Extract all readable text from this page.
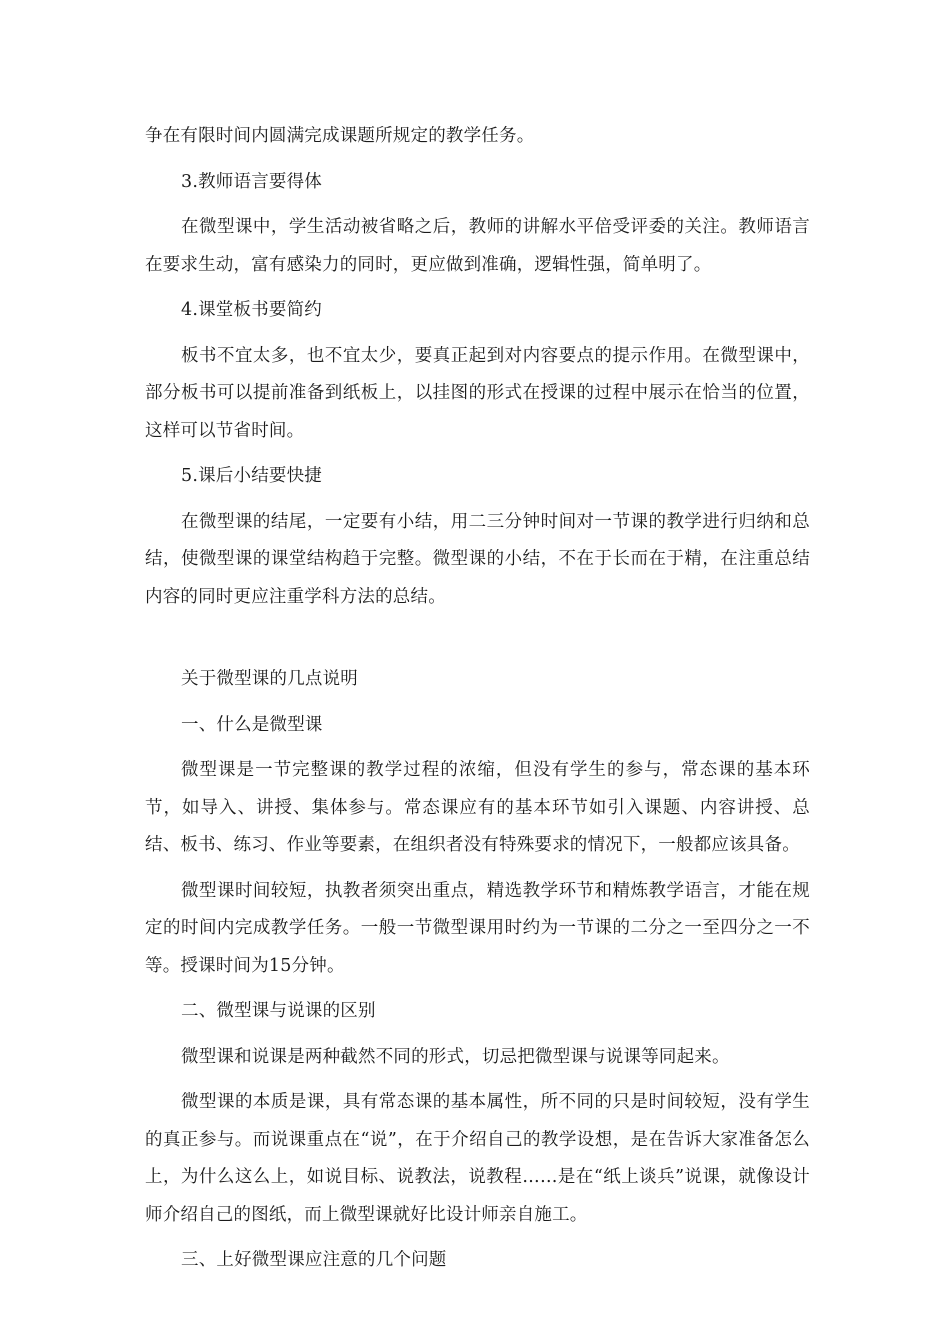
争在有限时间内圆满完成课题所规定的教学任务。

3.教师语言要得体

在微型课中，学生活动被省略之后，教师的讲解水平倍受评委的关注。教师语言在要求生动，富有感染力的同时，更应做到准确，逻辑性强，简单明了。

4.课堂板书要简约

板书不宜太多，也不宜太少，要真正起到对内容要点的提示作用。在微型课中，部分板书可以提前准备到纸板上，以挂图的形式在授课的过程中展示在恰当的位置，这样可以节省时间。

5.课后小结要快捷

在微型课的结尾，一定要有小结，用二三分钟时间对一节课的教学进行归纳和总结，使微型课的课堂结构趋于完整。微型课的小结，不在于长而在于精，在注重总结内容的同时更应注重学科方法的总结。

关于微型课的几点说明

一、什么是微型课

微型课是一节完整课的教学过程的浓缩，但没有学生的参与，常态课的基本环节，如导入、讲授、集体参与。常态课应有的基本环节如引入课题、内容讲授、总结、板书、练习、作业等要素，在组织者没有特殊要求的情况下，一般都应该具备。

微型课时间较短，执教者须突出重点，精选教学环节和精炼教学语言，才能在规定的时间内完成教学任务。一般一节微型课用时约为一节课的二分之一至四分之一不等。授课时间为15分钟。

二、微型课与说课的区别

微型课和说课是两种截然不同的形式，切忌把微型课与说课等同起来。

微型课的本质是课，具有常态课的基本属性，所不同的只是时间较短，没有学生的真正参与。而说课重点在“说”，在于介绍自己的教学设想，是在告诉大家准备怎么上，为什么这么上，如说目标、说教法，说教程……是在“纸上谈兵”说课，就像设计师介绍自己的图纸，而上微型课就好比设计师亲自施工。

三、上好微型课应注意的几个问题
